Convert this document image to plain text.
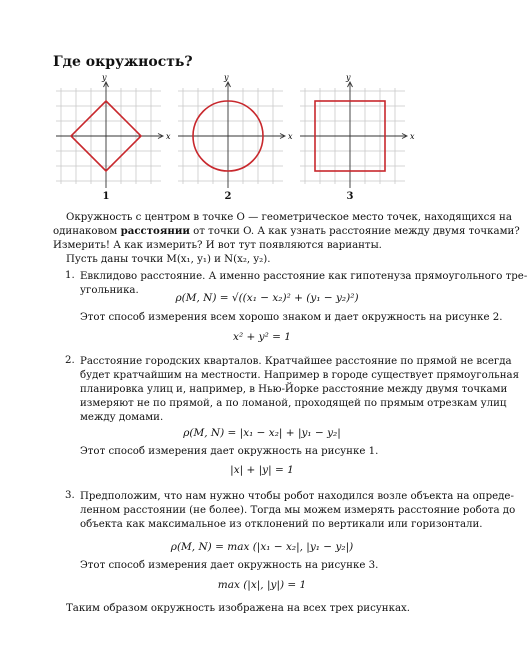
Где окружность?
x
y
1
x
y
2
x
y
3
Окружность с центром в точке O — геометрическое место точек, находящихся на
одинаковом расстоянии от точки O. А как узнать расстояние между двумя точками?
Измерить! А как измерить? И вот тут появляются варианты.
Пусть даны точки M(x₁, y₁) и N(x₂, y₂).
1. Евклидово расстояние. А именно расстояние как гипотенуза прямоугольного тре-
угольника.
ρ(M, N) = √((x₁ − x₂)² + (y₁ − y₂)²)
Этот способ измерения всем хорошо знаком и дает окружность на рисунке 2.
x² + y² = 1
2. Расстояние городских кварталов. Кратчайшее расстояние по прямой не всегда
будет кратчайшим на местности. Например в городе существует прямоугольная
планировка улиц и, например, в Нью-Йорке расстояние между двумя точками
измеряют не по прямой, а по ломаной, проходящей по прямым отрезкам улиц
между домами.
ρ(M, N) = |x₁ − x₂| + |y₁ − y₂|
Этот способ измерения дает окружность на рисунке 1.
|x| + |y| = 1
3. Предположим, что нам нужно чтобы робот находился возле объекта на опреде-
ленном расстоянии (не более). Тогда мы можем измерять расстояние робота до
объекта как максимальное из отклонений по вертикали или горизонтали.
ρ(M, N) = max (|x₁ − x₂|, |y₁ − y₂|)
Этот способ измерения дает окружность на рисунке 3.
max (|x|, |y|) = 1
Таким образом окружность изображена на всех трех рисунках.
